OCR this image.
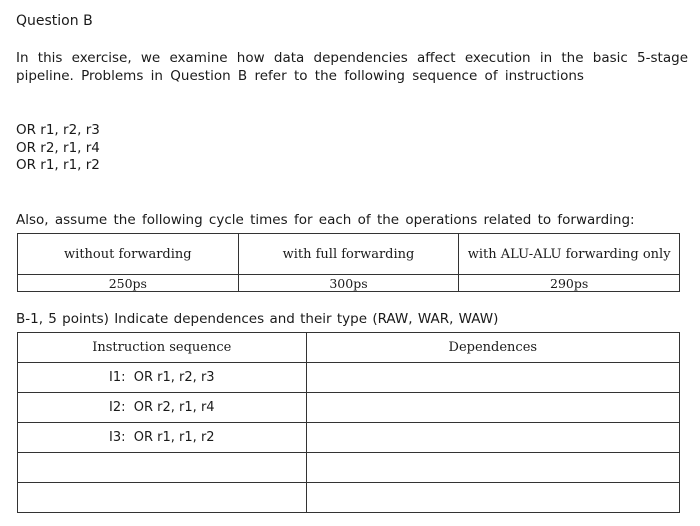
Question B
In this exercise, we examine how data dependencies affect execution in the basic 5-stage pipeline. Problems in Question B refer to the following sequence of instructions
OR r1, r2, r3
OR r2, r1, r4
OR r1, r1, r2
Also, assume the following cycle times for each of the operations related to forwarding:
without forwarding	with full forwarding	with ALU-ALU forwarding only
250ps	300ps	290ps
B-1, 5 points) Indicate dependences and their type (RAW, WAR, WAW)
Instruction sequence	Dependences
I1:  OR r1, r2, r3	
I2:  OR r2, r1, r4	
I3:  OR r1, r1, r2	
